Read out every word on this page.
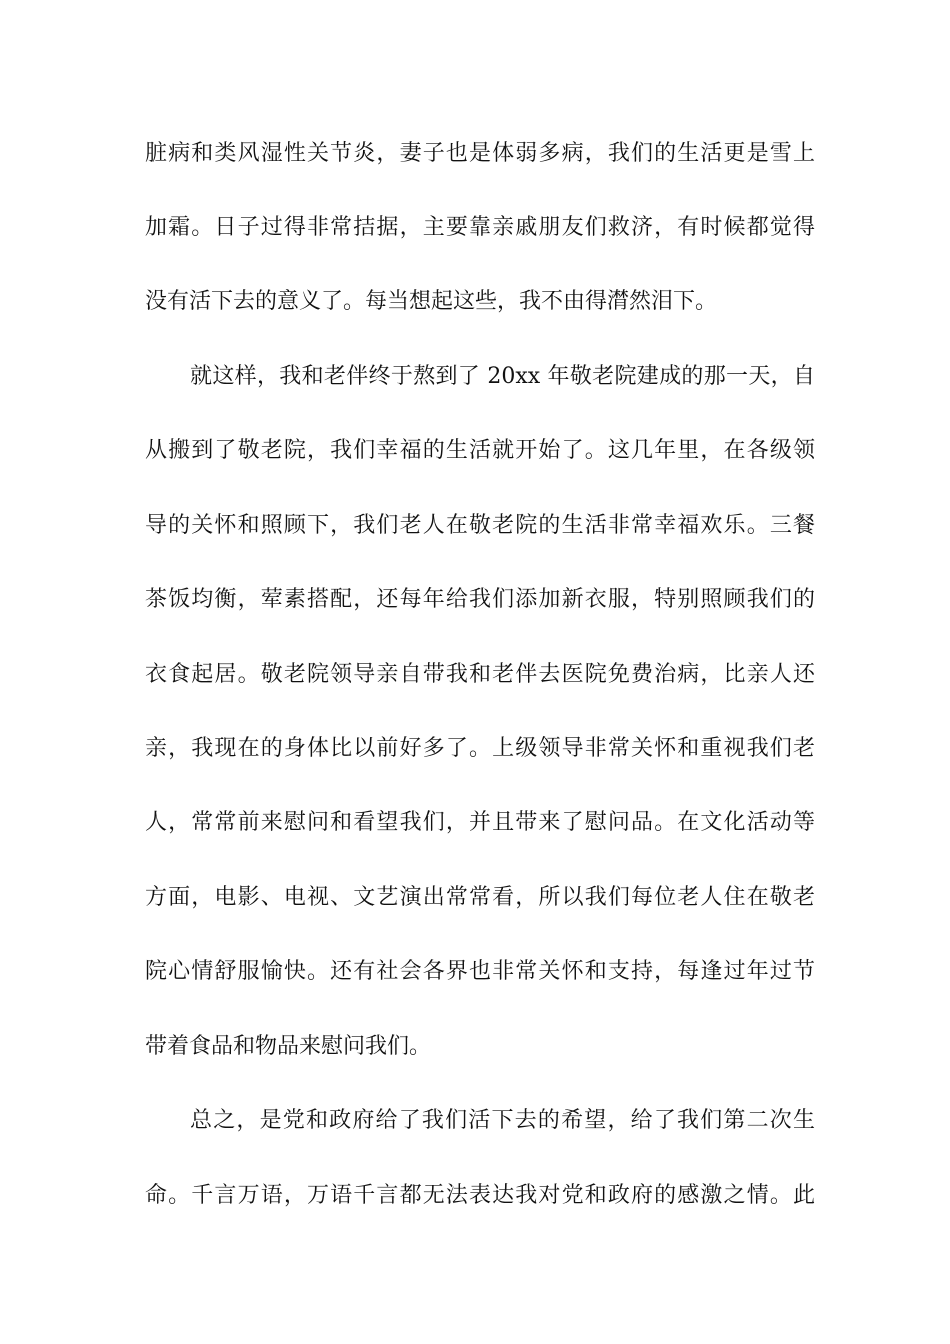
脏病和类风湿性关节炎，妻子也是体弱多病，我们的生活更是雪上
加霜。日子过得非常拮据，主要靠亲戚朋友们救济，有时候都觉得
没有活下去的意义了。每当想起这些，我不由得潸然泪下。
就这样，我和老伴终于熬到了 20xx 年敬老院建成的那一天，自
从搬到了敬老院，我们幸福的生活就开始了。这几年里，在各级领
导的关怀和照顾下，我们老人在敬老院的生活非常幸福欢乐。三餐
茶饭均衡，荤素搭配，还每年给我们添加新衣服，特别照顾我们的
衣食起居。敬老院领导亲自带我和老伴去医院免费治病，比亲人还
亲，我现在的身体比以前好多了。上级领导非常关怀和重视我们老
人，常常前来慰问和看望我们，并且带来了慰问品。在文化活动等
方面，电影、电视、文艺演出常常看，所以我们每位老人住在敬老
院心情舒服愉快。还有社会各界也非常关怀和支持，每逢过年过节
带着食品和物品来慰问我们。
总之，是党和政府给了我们活下去的希望，给了我们第二次生
命。千言万语，万语千言都无法表达我对党和政府的感激之情。此
